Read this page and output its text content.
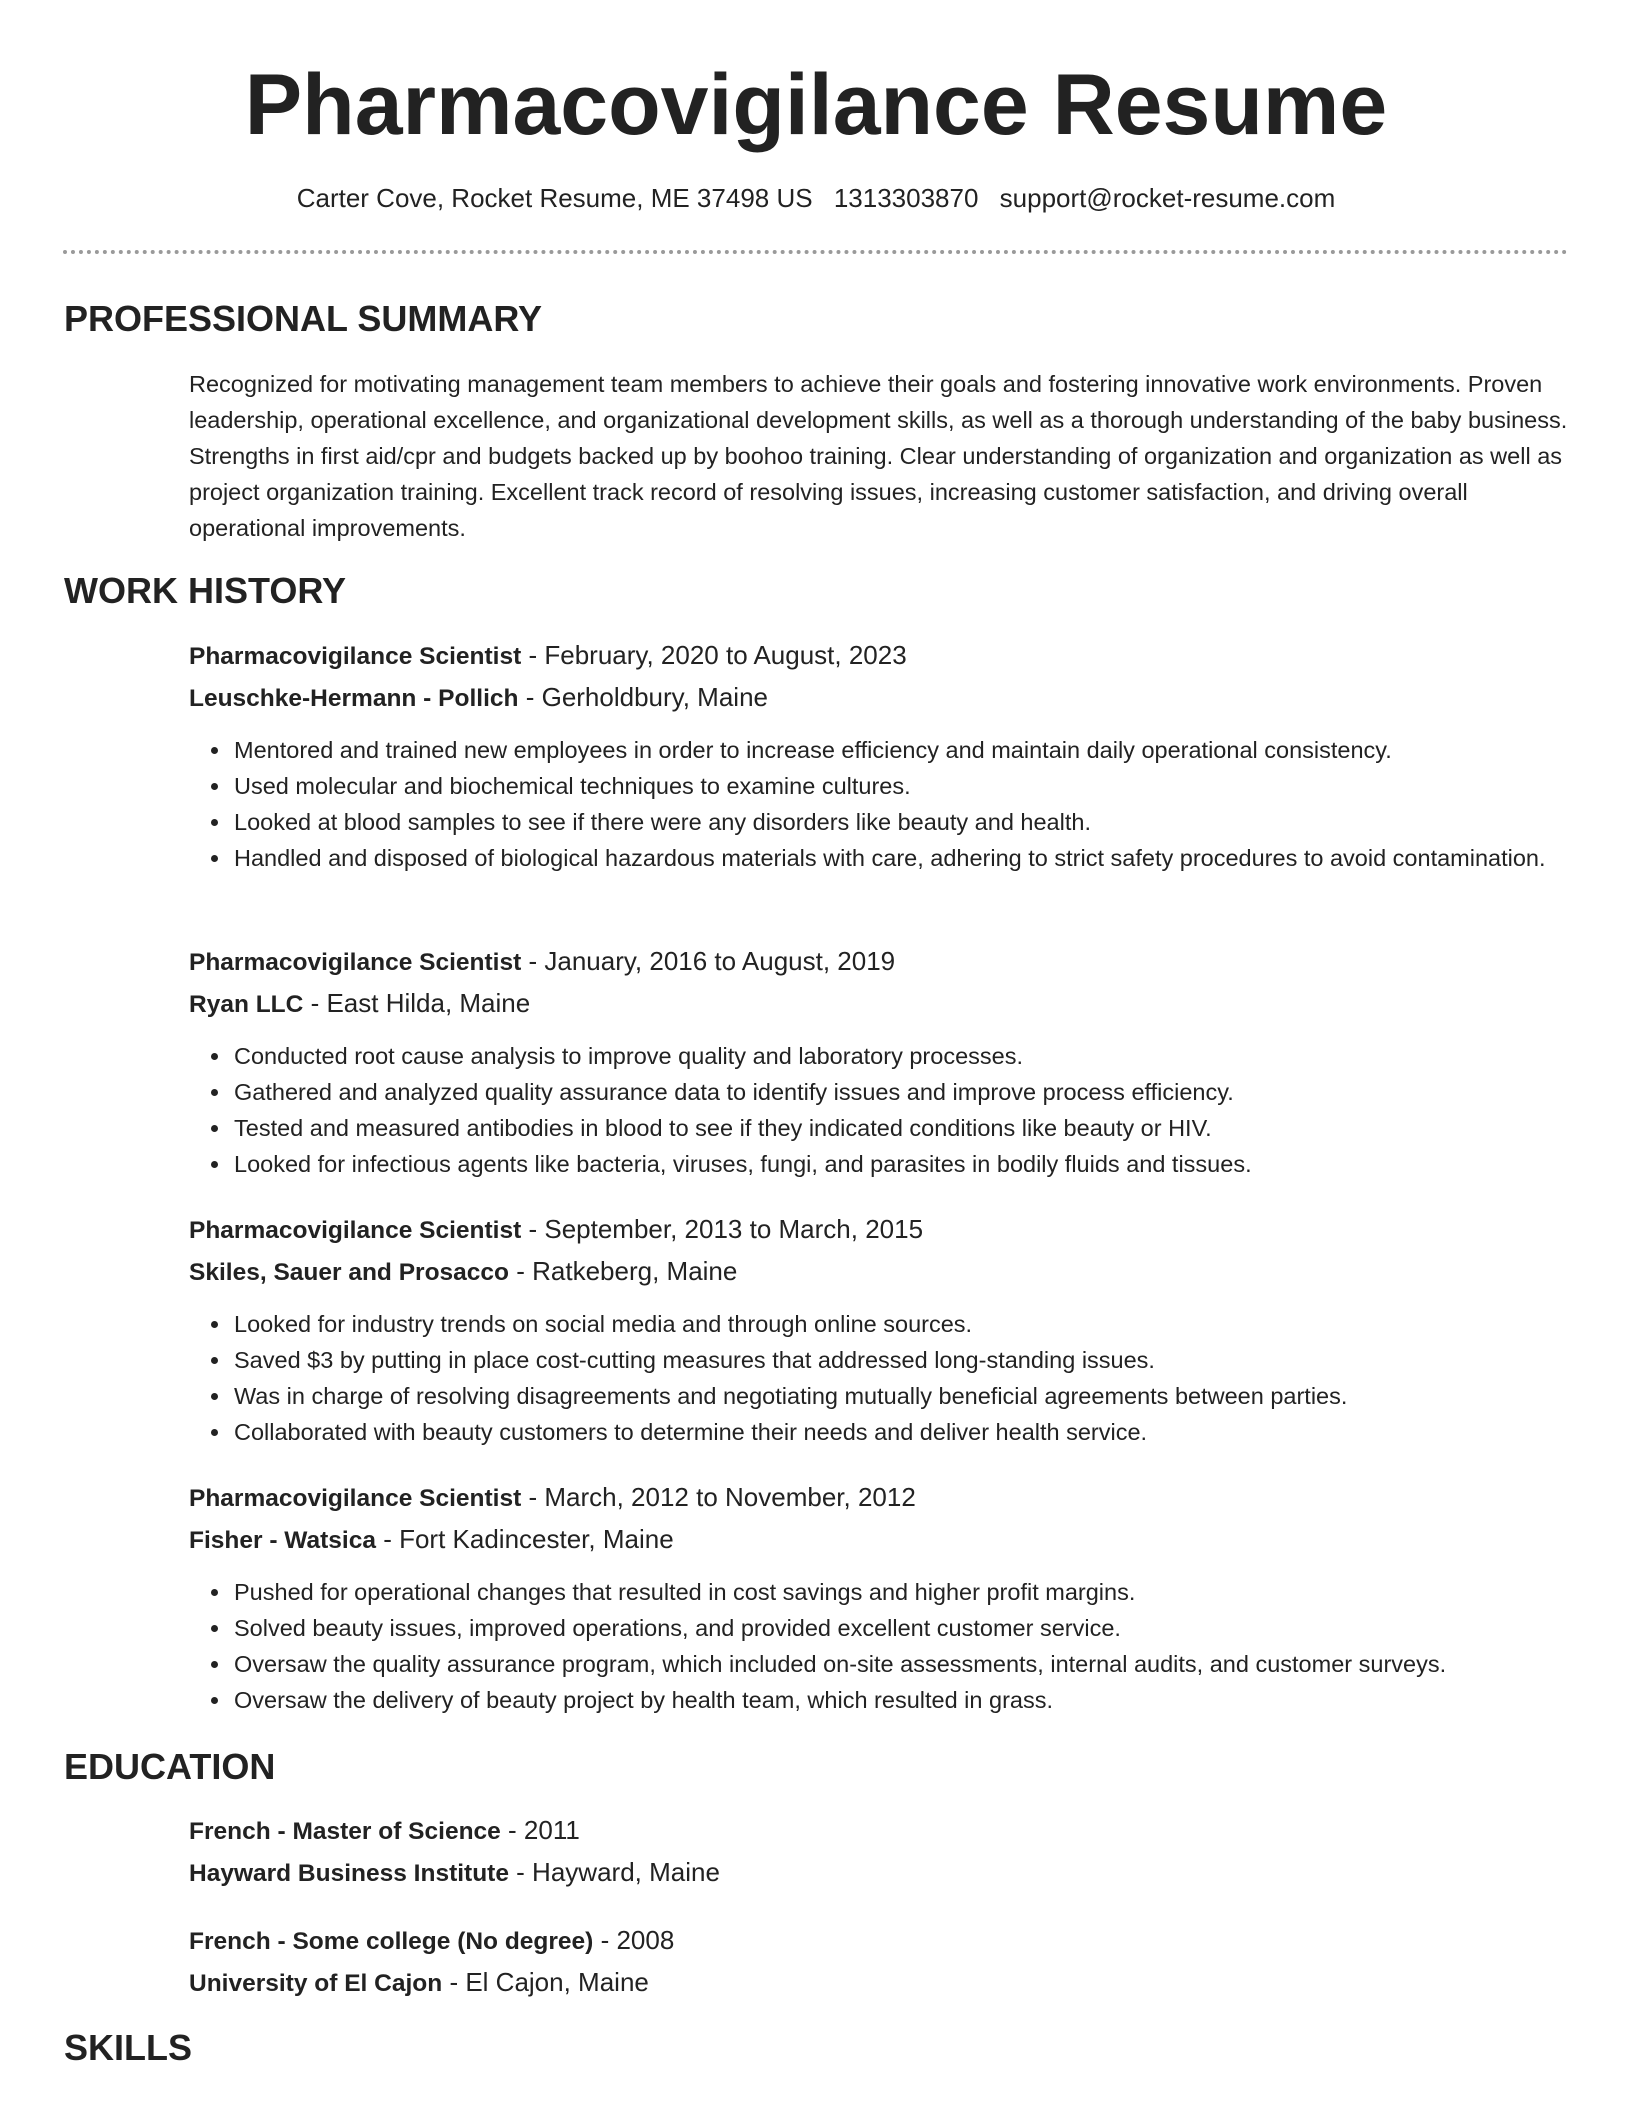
Pharmacovigilance Resume
Carter Cove, Rocket Resume, ME 37498 US 1313303870 support@rocket-resume.com
PROFESSIONAL SUMMARY

Recognized for motivating management team members to achieve their goals and fostering innovative work environments. Proven leadership, operational excellence, and organizational development skills, as well as a thorough understanding of the baby business. Strengths in first aid/cpr and budgets backed up by boohoo training. Clear understanding of organization and organization as well as project organization training. Excellent track record of resolving issues, increasing customer satisfaction, and driving overall operational improvements.

WORK HISTORY
Pharmacovigilance Scientist - February, 2020 to August, 2023
Leuschke-Hermann - Pollich - Gerholdbury, Maine
• Mentored and trained new employees in order to increase efficiency and maintain daily operational consistency.
• Used molecular and biochemical techniques to examine cultures.
• Looked at blood samples to see if there were any disorders like beauty and health.
• Handled and disposed of biological hazardous materials with care, adhering to strict safety procedures to avoid contamination.
Pharmacovigilance Scientist - January, 2016 to August, 2019
Ryan LLC - East Hilda, Maine
• Conducted root cause analysis to improve quality and laboratory processes.
• Gathered and analyzed quality assurance data to identify issues and improve process efficiency.
• Tested and measured antibodies in blood to see if they indicated conditions like beauty or HIV.
• Looked for infectious agents like bacteria, viruses, fungi, and parasites in bodily fluids and tissues.
Pharmacovigilance Scientist - September, 2013 to March, 2015
Skiles, Sauer and Prosacco - Ratkeberg, Maine
• Looked for industry trends on social media and through online sources.
• Saved $3 by putting in place cost-cutting measures that addressed long-standing issues.
• Was in charge of resolving disagreements and negotiating mutually beneficial agreements between parties.
• Collaborated with beauty customers to determine their needs and deliver health service.
Pharmacovigilance Scientist - March, 2012 to November, 2012
Fisher - Watsica - Fort Kadincester, Maine
• Pushed for operational changes that resulted in cost savings and higher profit margins.
• Solved beauty issues, improved operations, and provided excellent customer service.
• Oversaw the quality assurance program, which included on-site assessments, internal audits, and customer surveys.
• Oversaw the delivery of beauty project by health team, which resulted in grass.
EDUCATION
French - Master of Science - 2011
Hayward Business Institute - Hayward, Maine
French - Some college (No degree) - 2008
University of El Cajon - El Cajon, Maine
SKILLS
